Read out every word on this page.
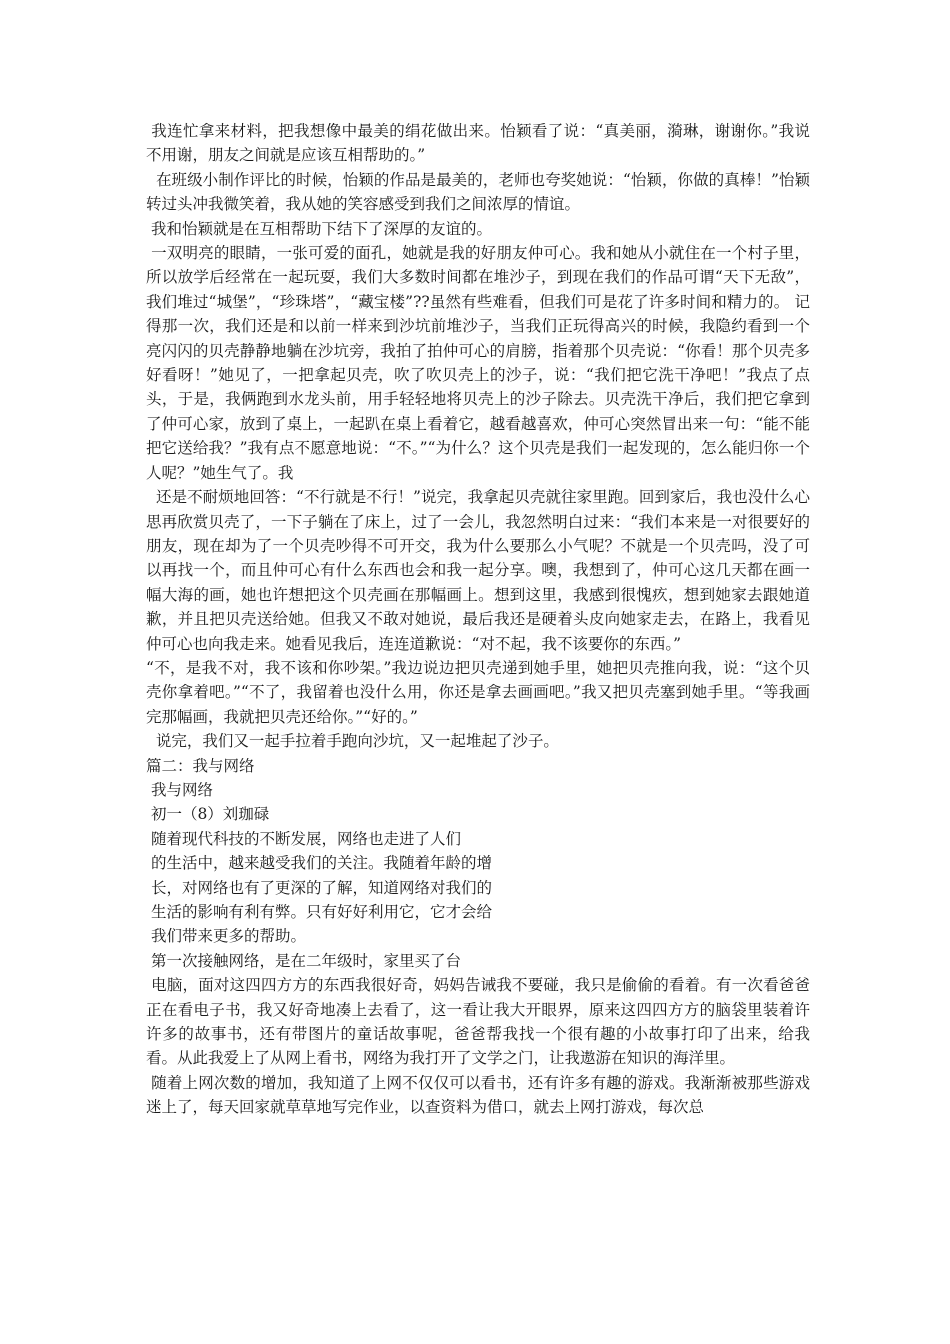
我连忙拿来材料，把我想像中最美的绢花做出来。怡颖看了说：“真美丽，漪琳，谢谢你。”我说不用谢，朋友之间就是应该互相帮助的。”

在班级小制作评比的时候，怡颖的作品是最美的，老师也夸奖她说：“怡颖，你做的真棒！”怡颖转过头冲我微笑着，我从她的笑容感受到我们之间浓厚的情谊。

我和怡颖就是在互相帮助下结下了深厚的友谊的。

一双明亮的眼睛，一张可爱的面孔，她就是我的好朋友仲可心。我和她从小就住在一个村子里，所以放学后经常在一起玩耍，我们大多数时间都在堆沙子，到现在我们的作品可谓“天下无敌”，我们堆过“城堡”，“珍珠塔”，“藏宝楼”??虽然有些难看，但我们可是花了许多时间和精力的。 记得那一次，我们还是和以前一样来到沙坑前堆沙子，当我们正玩得高兴的时候，我隐约看到一个亮闪闪的贝壳静静地躺在沙坑旁，我拍了拍仲可心的肩膀，指着那个贝壳说：“你看！那个贝壳多好看呀！”她见了，一把拿起贝壳，吹了吹贝壳上的沙子，说：“我们把它洗干净吧！”我点了点头，于是，我俩跑到水龙头前，用手轻轻地将贝壳上的沙子除去。贝壳洗干净后，我们把它拿到了仲可心家，放到了桌上，一起趴在桌上看着它，越看越喜欢，仲可心突然冒出来一句：“能不能把它送给我？”我有点不愿意地说：“不。”“为什么？这个贝壳是我们一起发现的，怎么能归你一个人呢？”她生气了。我

还是不耐烦地回答：“不行就是不行！”说完，我拿起贝壳就往家里跑。回到家后，我也没什么心思再欣赏贝壳了，一下子躺在了床上，过了一会儿，我忽然明白过来：“我们本来是一对很要好的朋友，现在却为了一个贝壳吵得不可开交，我为什么要那么小气呢？不就是一个贝壳吗，没了可以再找一个，而且仲可心有什么东西也会和我一起分享。噢，我想到了，仲可心这几天都在画一幅大海的画，她也许想把这个贝壳画在那幅画上。想到这里，我感到很愧疚，想到她家去跟她道歉，并且把贝壳送给她。但我又不敢对她说，最后我还是硬着头皮向她家走去，在路上，我看见仲可心也向我走来。她看见我后，连连道歉说：“对不起，我不该要你的东西。”

“不，是我不对，我不该和你吵架。”我边说边把贝壳递到她手里，她把贝壳推向我，说：“这个贝壳你拿着吧。”“不了，我留着也没什么用，你还是拿去画画吧。”我又把贝壳塞到她手里。“等我画完那幅画，我就把贝壳还给你。”“好的。”

说完，我们又一起手拉着手跑向沙坑，又一起堆起了沙子。

篇二：我与网络

我与网络

初一（8）刘珈碌

随着现代科技的不断发展，网络也走进了人们

的生活中，越来越受我们的关注。我随着年龄的增

长，对网络也有了更深的了解，知道网络对我们的

生活的影响有利有弊。只有好好利用它，它才会给

我们带来更多的帮助。

第一次接触网络，是在二年级时，家里买了台

电脑，面对这四四方方的东西我很好奇，妈妈告诫我不要碰，我只是偷偷的看着。有一次看爸爸正在看电子书，我又好奇地凑上去看了，这一看让我大开眼界，原来这四四方方的脑袋里装着许许多的故事书，还有带图片的童话故事呢，爸爸帮我找一个很有趣的小故事打印了出来，给我看。从此我爱上了从网上看书，网络为我打开了文学之门，让我遨游在知识的海洋里。

随着上网次数的增加，我知道了上网不仅仅可以看书，还有许多有趣的游戏。我渐渐被那些游戏迷上了，每天回家就草草地写完作业，以查资料为借口，就去上网打游戏，每次总
